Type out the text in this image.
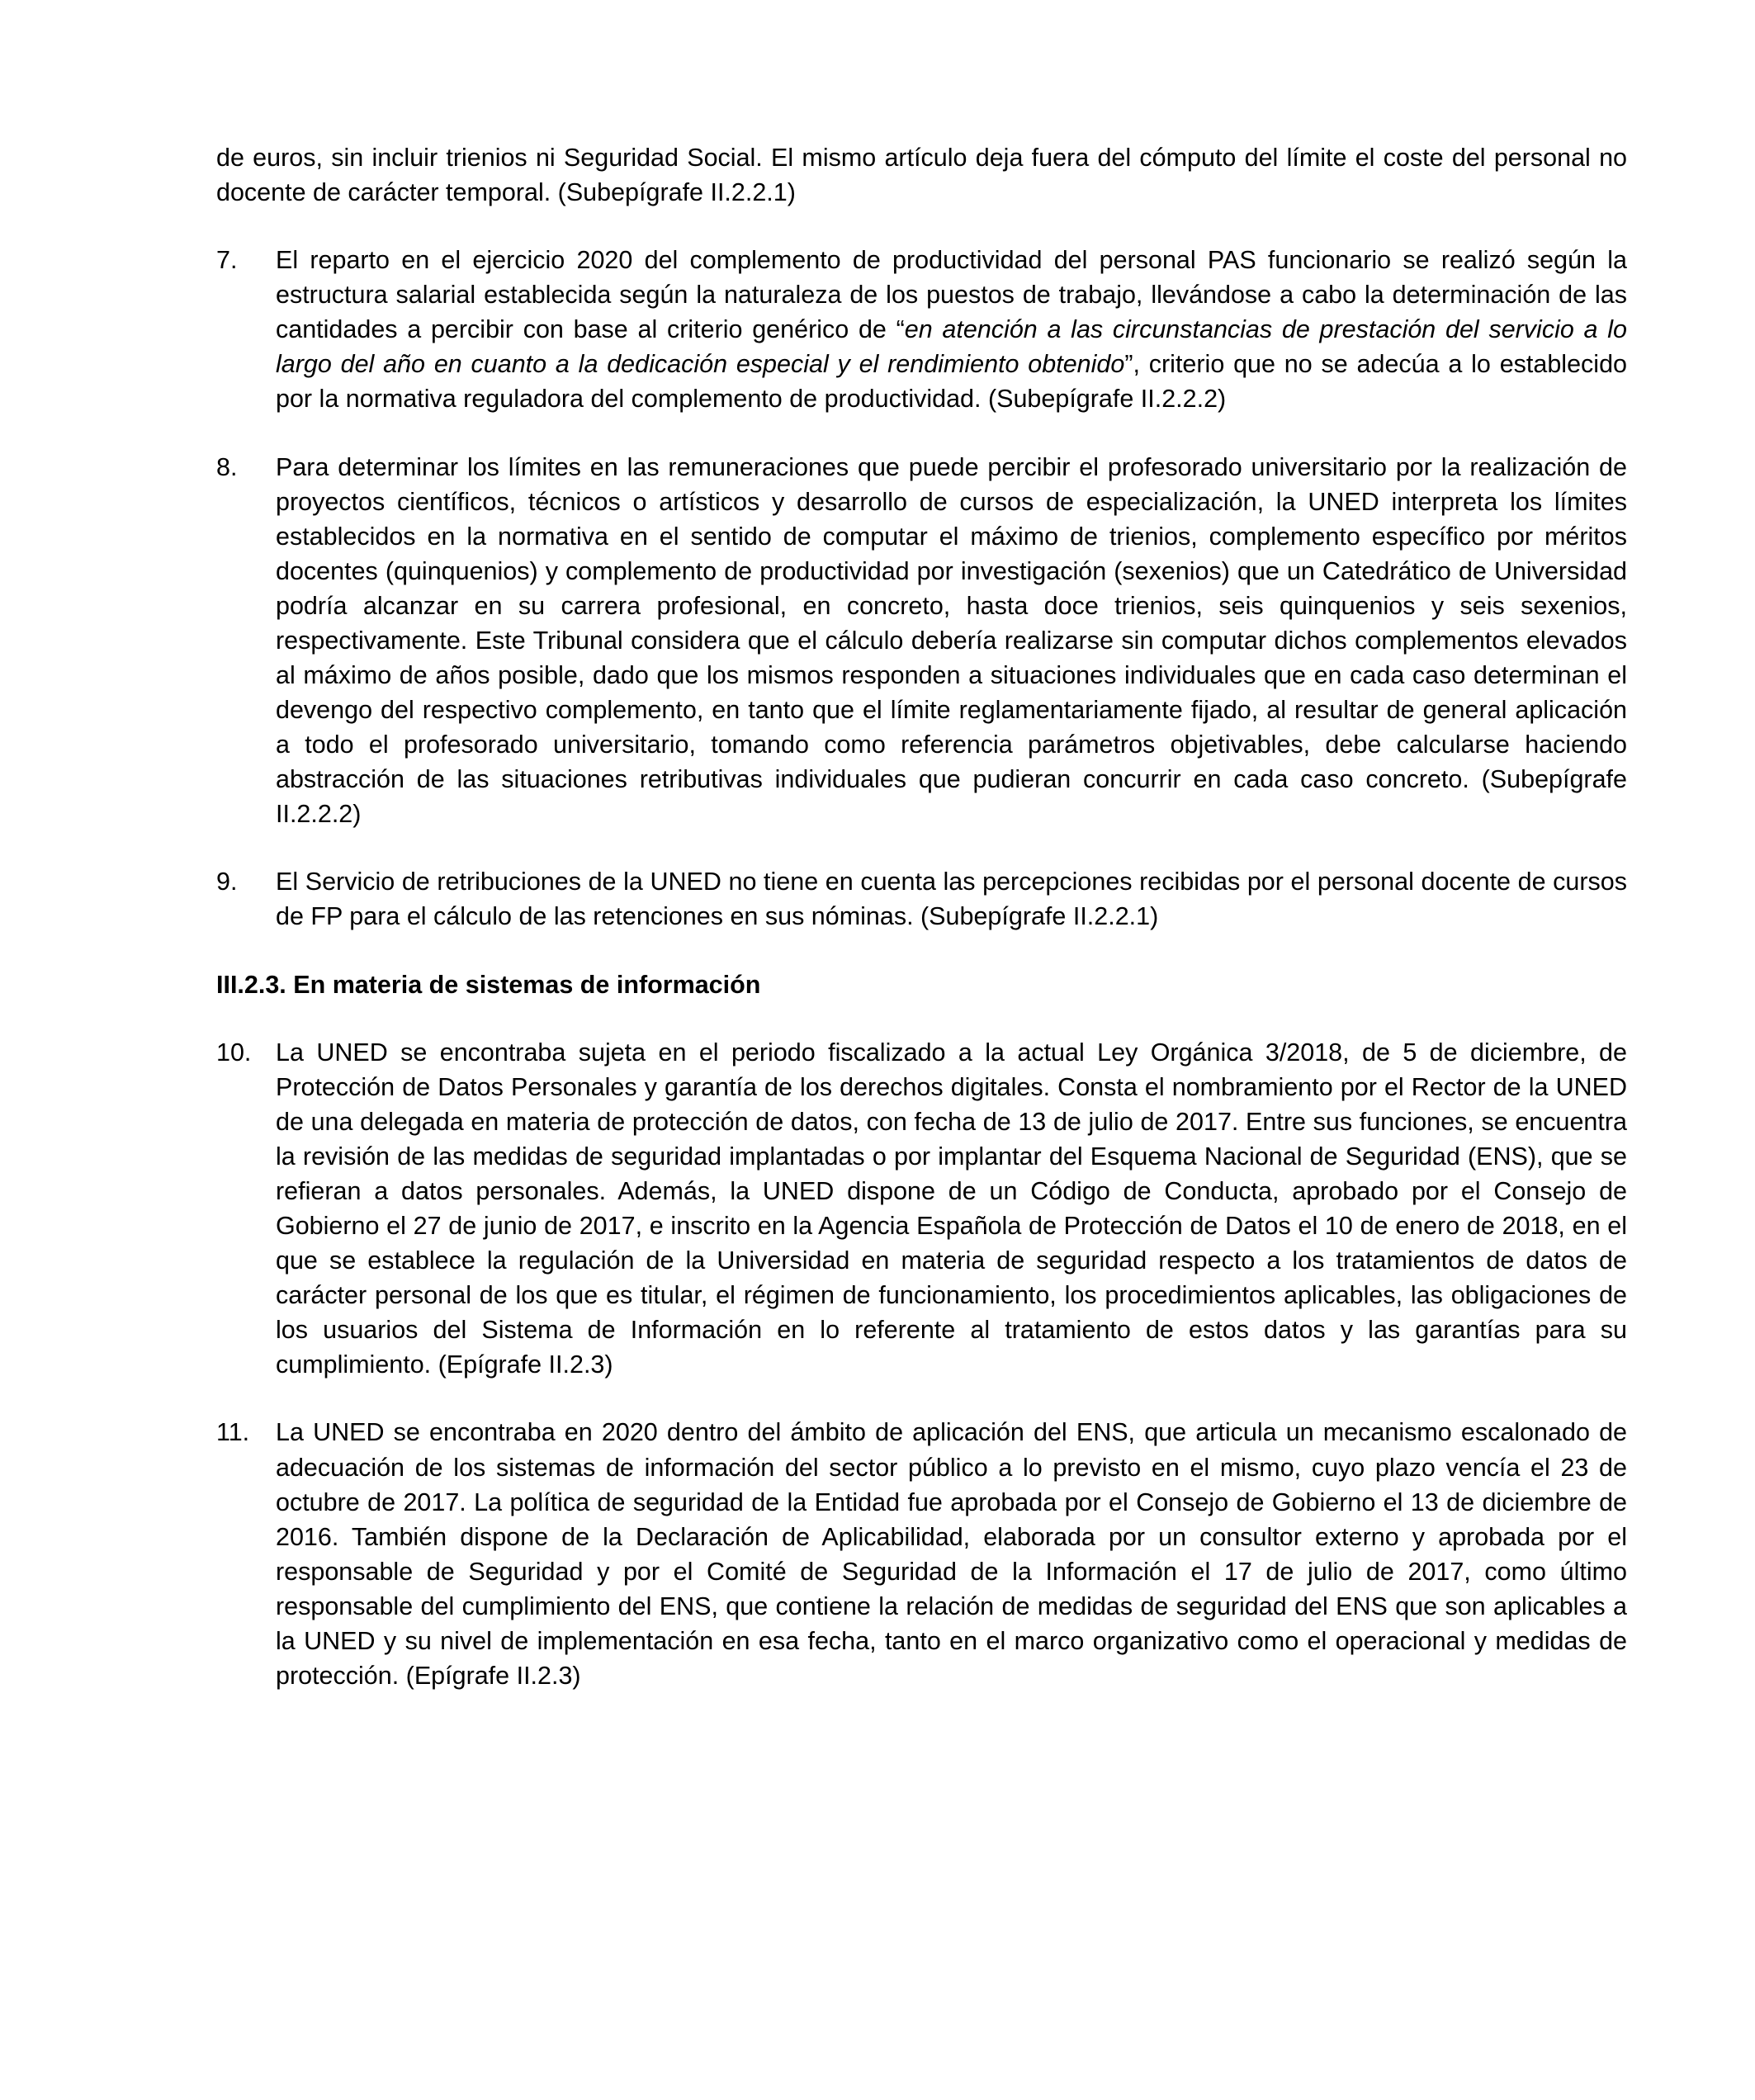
de euros, sin incluir trienios ni Seguridad Social. El mismo artículo deja fuera del cómputo del límite el coste del personal no docente de carácter temporal. (Subepígrafe II.2.2.1)

7.	El reparto en el ejercicio 2020 del complemento de productividad del personal PAS funcionario se realizó según la estructura salarial establecida según la naturaleza de los puestos de trabajo, llevándose a cabo la determinación de las cantidades a percibir con base al criterio genérico de “en atención a las circunstancias de prestación del servicio a lo largo del año en cuanto a la dedicación especial y el rendimiento obtenido”, criterio que no se adecúa a lo establecido por la normativa reguladora del complemento de productividad. (Subepígrafe II.2.2.2)
8.	Para determinar los límites en las remuneraciones que puede percibir el profesorado universitario por la realización de proyectos científicos, técnicos o artísticos y desarrollo de cursos de especialización, la UNED interpreta los límites establecidos en la normativa en el sentido de computar el máximo de trienios, complemento específico por méritos docentes (quinquenios) y complemento de productividad por investigación (sexenios) que un Catedrático de Universidad podría alcanzar en su carrera profesional, en concreto, hasta doce trienios, seis quinquenios y seis sexenios, respectivamente. Este Tribunal considera que el cálculo debería realizarse sin computar dichos complementos elevados al máximo de años posible, dado que los mismos responden a situaciones individuales que en cada caso determinan el devengo del respectivo complemento, en tanto que el límite reglamentariamente fijado, al resultar de general aplicación a todo el profesorado universitario, tomando como referencia parámetros objetivables, debe calcularse haciendo abstracción de las situaciones retributivas individuales que pudieran concurrir en cada caso concreto. (Subepígrafe II.2.2.2)
9.	El Servicio de retribuciones de la UNED no tiene en cuenta las percepciones recibidas por el personal docente de cursos de FP para el cálculo de las retenciones en sus nóminas. (Subepígrafe II.2.2.1)
III.2.3. En materia de sistemas de información
10. La UNED se encontraba sujeta en el periodo fiscalizado a la actual Ley Orgánica 3/2018, de 5 de diciembre, de Protección de Datos Personales y garantía de los derechos digitales. Consta el nombramiento por el Rector de la UNED de una delegada en materia de protección de datos, con fecha de 13 de julio de 2017. Entre sus funciones, se encuentra la revisión de las medidas de seguridad implantadas o por implantar del Esquema Nacional de Seguridad (ENS), que se refieran a datos personales. Además, la UNED dispone de un Código de Conducta, aprobado por el Consejo de Gobierno el 27 de junio de 2017, e inscrito en la Agencia Española de Protección de Datos el 10 de enero de 2018, en el que se establece la regulación de la Universidad en materia de seguridad respecto a los tratamientos de datos de carácter personal de los que es titular, el régimen de funcionamiento, los procedimientos aplicables, las obligaciones de los usuarios del Sistema de Información en lo referente al tratamiento de estos datos y las garantías para su cumplimiento. (Epígrafe II.2.3)
11.	La UNED se encontraba en 2020 dentro del ámbito de aplicación del ENS, que articula un mecanismo escalonado de adecuación de los sistemas de información del sector público a lo previsto en el mismo, cuyo plazo vencía el 23 de octubre de 2017. La política de seguridad de la Entidad fue aprobada por el Consejo de Gobierno el 13 de diciembre de 2016. También dispone de la Declaración de Aplicabilidad, elaborada por un consultor externo y aprobada por el responsable de Seguridad y por el Comité de Seguridad de la Información el 17 de julio de 2017, como último responsable del cumplimiento del ENS, que contiene la relación de medidas de seguridad del ENS que son aplicables a la UNED y su nivel de implementación en esa fecha, tanto en el marco organizativo como el operacional y medidas de protección. (Epígrafe II.2.3)
